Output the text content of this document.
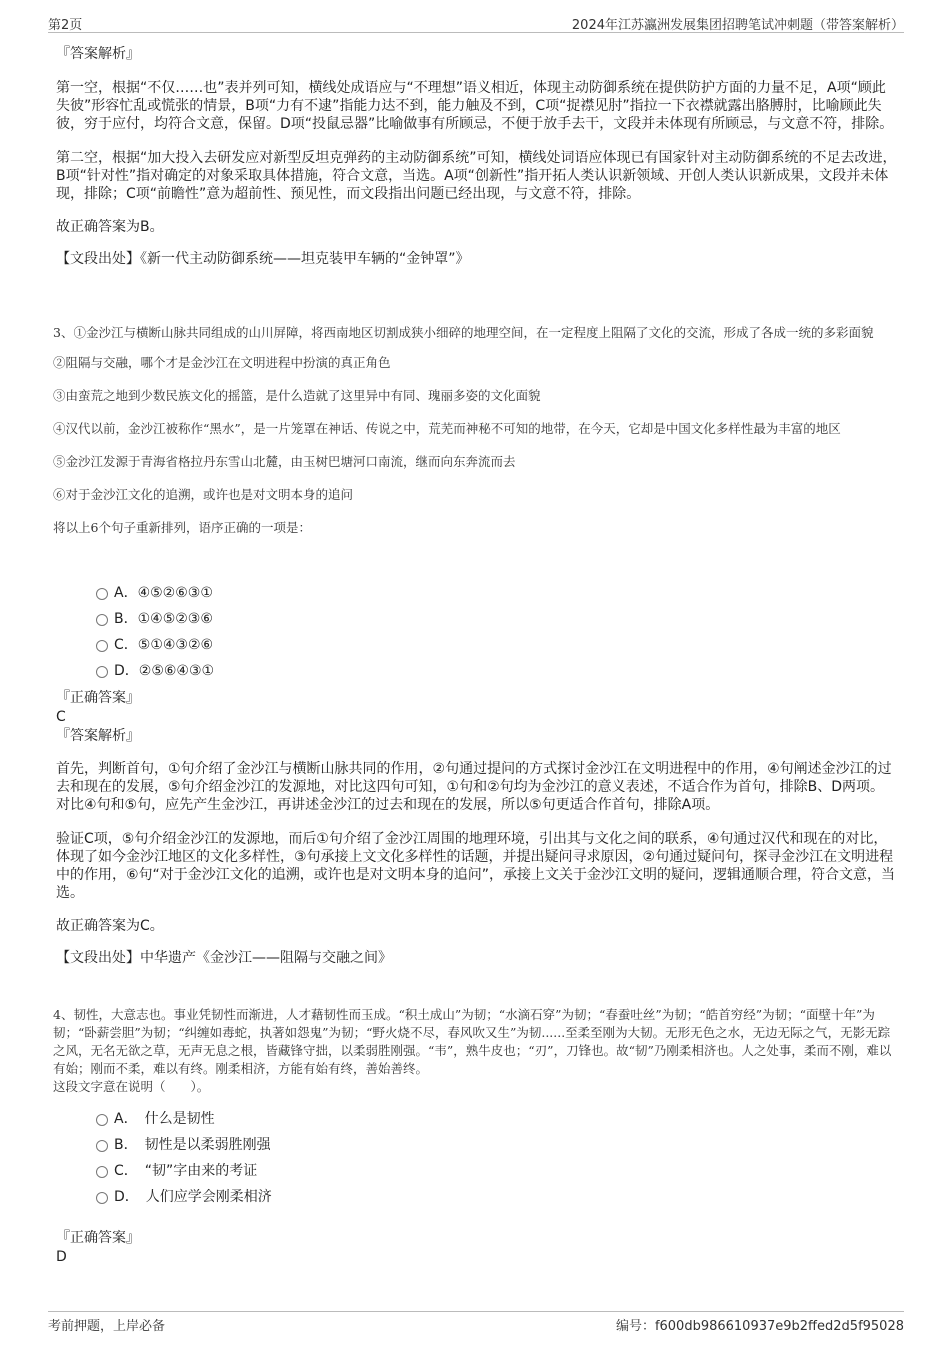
第2页	2024年江苏瀛洲发展集团招聘笔试冲刺题（带答案解析）

『答案解析』

第一空，根据“不仅……也”表并列可知，横线处成语应与“不理想”语义相近，体现主动防御系统在提供防护方面的力量不足，A项“顾此失彼”形容忙乱或慌张的情景，B项“力有不逮”指能力达不到，能力触及不到，C项“捉襟见肘”指拉一下衣襟就露出胳膊肘，比喻顾此失彼，穷于应付，均符合文意，保留。D项“投鼠忌器”比喻做事有所顾忌，不便于放手去干，文段并未体现有所顾忌，与文意不符，排除。

第二空，根据“加大投入去研发应对新型反坦克弹药的主动防御系统”可知，横线处词语应体现已有国家针对主动防御系统的不足去改进，B项“针对性”指对确定的对象采取具体措施，符合文意，当选。A项“创新性”指开拓人类认识新领域、开创人类认识新成果，文段并未体现，排除；C项“前瞻性”意为超前性、预见性，而文段指出问题已经出现，与文意不符，排除。

故正确答案为B。

【文段出处】《新一代主动防御系统——坦克装甲车辆的“金钟罩”》

3、①金沙江与横断山脉共同组成的山川屏障，将西南地区切割成狭小细碎的地理空间，在一定程度上阻隔了文化的交流，形成了各成一统的多彩面貌

②阻隔与交融，哪个才是金沙江在文明进程中扮演的真正角色

③由蛮荒之地到少数民族文化的摇篮，是什么造就了这里异中有同、瑰丽多姿的文化面貌

④汉代以前，金沙江被称作“黑水”，是一片笼罩在神话、传说之中，荒芜而神秘不可知的地带，在今天，它却是中国文化多样性最为丰富的地区

⑤金沙江发源于青海省格拉丹东雪山北麓，由玉树巴塘河口南流，继而向东奔流而去

⑥对于金沙江文化的追溯，或许也是对文明本身的追问

将以上6个句子重新排列，语序正确的一项是：

A．④⑤②⑥③①
B．①④⑤②③⑥
C．⑤①④③②⑥
D．②⑤⑥④③①

『正确答案』

C

『答案解析』

首先，判断首句，①句介绍了金沙江与横断山脉共同的作用，②句通过提问的方式探讨金沙江在文明进程中的作用，④句阐述金沙江的过去和现在的发展，⑤句介绍金沙江的发源地，对比这四句可知，①句和②句均为金沙江的意义表述，不适合作为首句，排除B、D两项。对比④句和⑤句，应先产生金沙江，再讲述金沙江的过去和现在的发展，所以⑤句更适合作首句，排除A项。

验证C项，⑤句介绍金沙江的发源地，而后①句介绍了金沙江周围的地理环境，引出其与文化之间的联系，④句通过汉代和现在的对比，体现了如今金沙江地区的文化多样性，③句承接上文文化多样性的话题，并提出疑问寻求原因，②句通过疑问句，探寻金沙江在文明进程中的作用，⑥句“对于金沙江文化的追溯，或许也是对文明本身的追问”，承接上文关于金沙江文明的疑问，逻辑通顺合理，符合文意，当选。

故正确答案为C。

【文段出处】中华遗产《金沙江——阻隔与交融之间》

4、韧性，大意志也。事业凭韧性而渐进，人才藉韧性而玉成。“积土成山”为韧；“水滴石穿”为韧；“春蚕吐丝”为韧；“皓首穷经”为韧；“面壁十年”为韧；“卧薪尝胆”为韧；“纠缠如毒蛇，执著如怨鬼”为韧；“野火烧不尽，春风吹又生”为韧......至柔至刚为大韧。无形无色之水，无边无际之气，无影无踪之风，无名无欲之草，无声无息之根，皆藏锋守拙，以柔弱胜刚强。“韦”，熟牛皮也；“刃”，刀锋也。故“韧”乃刚柔相济也。人之处事，柔而不刚，难以有始；刚而不柔，难以有终。刚柔相济，方能有始有终，善始善终。

这段文字意在说明（　　）。

A．　什么是韧性
B．　韧性是以柔弱胜刚强
C．　“韧”字由来的考证
D．　人们应学会刚柔相济

『正确答案』

D

考前押题，上岸必备	编号：f600db986610937e9b2ffed2d5f95028
